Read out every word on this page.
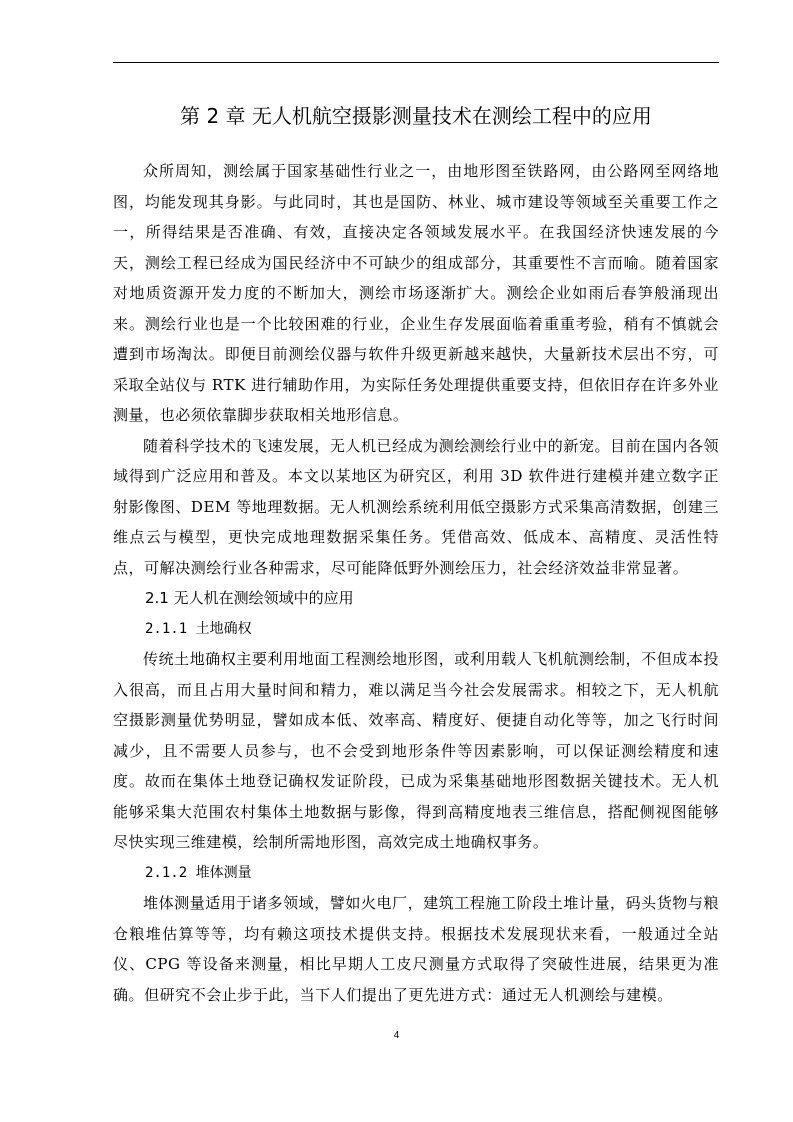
第 2 章 无人机航空摄影测量技术在测绘工程中的应用

众所周知，测绘属于国家基础性行业之一，由地形图至铁路网，由公路网至网络地图，均能发现其身影。与此同时，其也是国防、林业、城市建设等领域至关重要工作之一，所得结果是否准确、有效，直接决定各领域发展水平。在我国经济快速发展的今天，测绘工程已经成为国民经济中不可缺少的组成部分，其重要性不言而喻。随着国家对地质资源开发力度的不断加大，测绘市场逐渐扩大。测绘企业如雨后春笋般涌现出来。测绘行业也是一个比较困难的行业，企业生存发展面临着重重考验，稍有不慎就会遭到市场淘汰。即便目前测绘仪器与软件升级更新越来越快，大量新技术层出不穷，可采取全站仪与 RTK 进行辅助作用，为实际任务处理提供重要支持，但依旧存在许多外业测量，也必须依靠脚步获取相关地形信息。

随着科学技术的飞速发展，无人机已经成为测绘测绘行业中的新宠。目前在国内各领域得到广泛应用和普及。本文以某地区为研究区，利用 3D 软件进行建模并建立数字正射影像图、DEM 等地理数据。无人机测绘系统利用低空摄影方式采集高清数据，创建三维点云与模型，更快完成地理数据采集任务。凭借高效、低成本、高精度、灵活性特点，可解决测绘行业各种需求，尽可能降低野外测绘压力，社会经济效益非常显著。

2.1 无人机在测绘领域中的应用

2.1.1 土地确权

传统土地确权主要利用地面工程测绘地形图，或利用载人飞机航测绘制，不但成本投入很高，而且占用大量时间和精力，难以满足当今社会发展需求。相较之下，无人机航空摄影测量优势明显，譬如成本低、效率高、精度好、便捷自动化等等，加之飞行时间减少，且不需要人员参与，也不会受到地形条件等因素影响，可以保证测绘精度和速度。故而在集体土地登记确权发证阶段，已成为采集基础地形图数据关键技术。无人机能够采集大范围农村集体土地数据与影像，得到高精度地表三维信息，搭配侧视图能够尽快实现三维建模，绘制所需地形图，高效完成土地确权事务。

2.1.2 堆体测量

堆体测量适用于诸多领域，譬如火电厂，建筑工程施工阶段土堆计量，码头货物与粮仓粮堆估算等等，均有赖这项技术提供支持。根据技术发展现状来看，一般通过全站仪、CPG 等设备来测量，相比早期人工皮尺测量方式取得了突破性进展，结果更为准确。但研究不会止步于此，当下人们提出了更先进方式：通过无人机测绘与建模。

4
